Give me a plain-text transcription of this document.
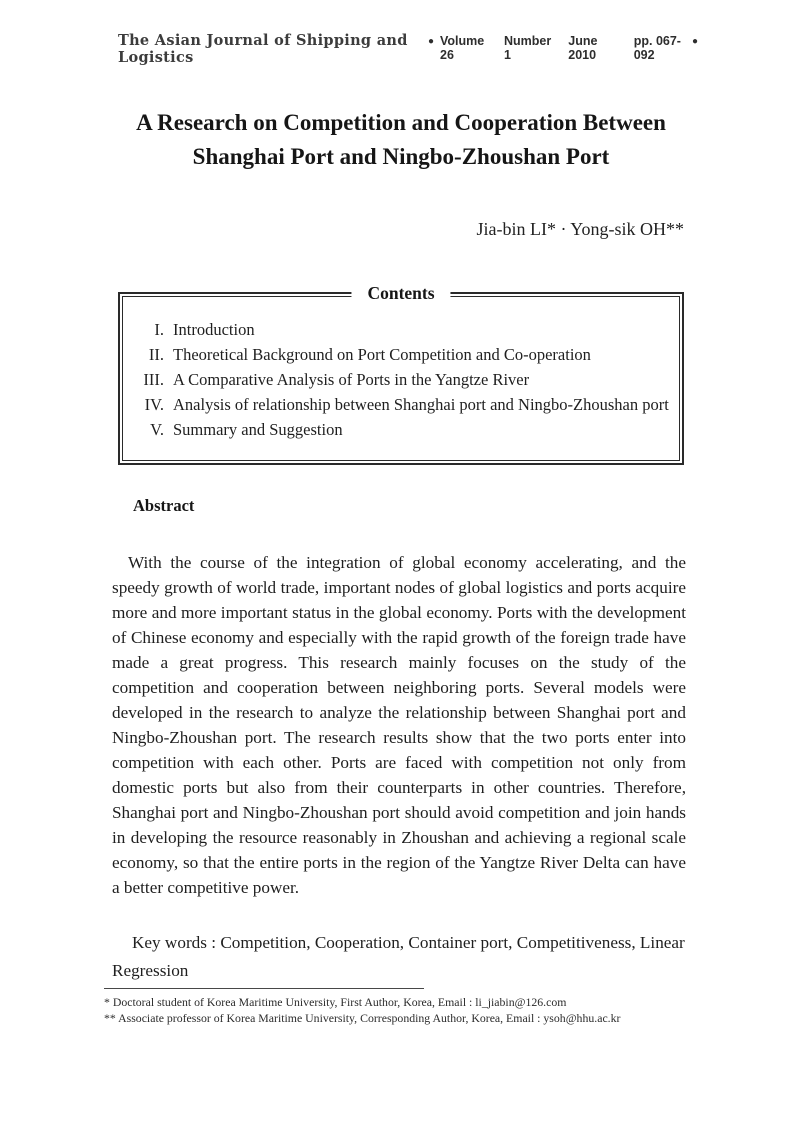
The Asian Journal of Shipping and Logistics
● Volume 26
Number 1
June 2010
pp. 067-092
●
A Research on Competition and Cooperation Between
Shanghai Port and Ningbo-Zhoushan Port
Jia-bin LI* · Yong-sik OH**
Contents
I. Introduction
II. Theoretical Background on Port Competition and Co-operation
III. A Comparative Analysis of Ports in the Yangtze River
IV. Analysis of relationship between Shanghai port and Ningbo-Zhoushan port
V. Summary and Suggestion
Abstract

With the course of the integration of global economy accelerating, and the speedy growth of world trade, important nodes of global logistics and ports acquire more and more important status in the global economy. Ports with the development of Chinese economy and especially with the rapid growth of the foreign trade have made a great progress. This research mainly focuses on the study of the competition and cooperation between neighboring ports. Several models were developed in the research to analyze the relationship between Shanghai port and Ningbo-Zhoushan port. The research results show that the two ports enter into competition with each other. Ports are faced with competition not only from domestic ports but also from their counterparts in other countries. Therefore, Shanghai port and Ningbo-Zhoushan port should avoid competition and join hands in developing the resource reasonably in Zhoushan and achieving a regional scale economy, so that the entire ports in the region of the Yangtze River Delta can have a better competitive power.

Key words : Competition, Cooperation, Container port, Competitiveness, Linear Regression

* Doctoral student of Korea Maritime University, First Author, Korea, Email : li_jiabin@126.com
** Associate professor of Korea Maritime University, Corresponding Author, Korea, Email : ysoh@hhu.ac.kr
